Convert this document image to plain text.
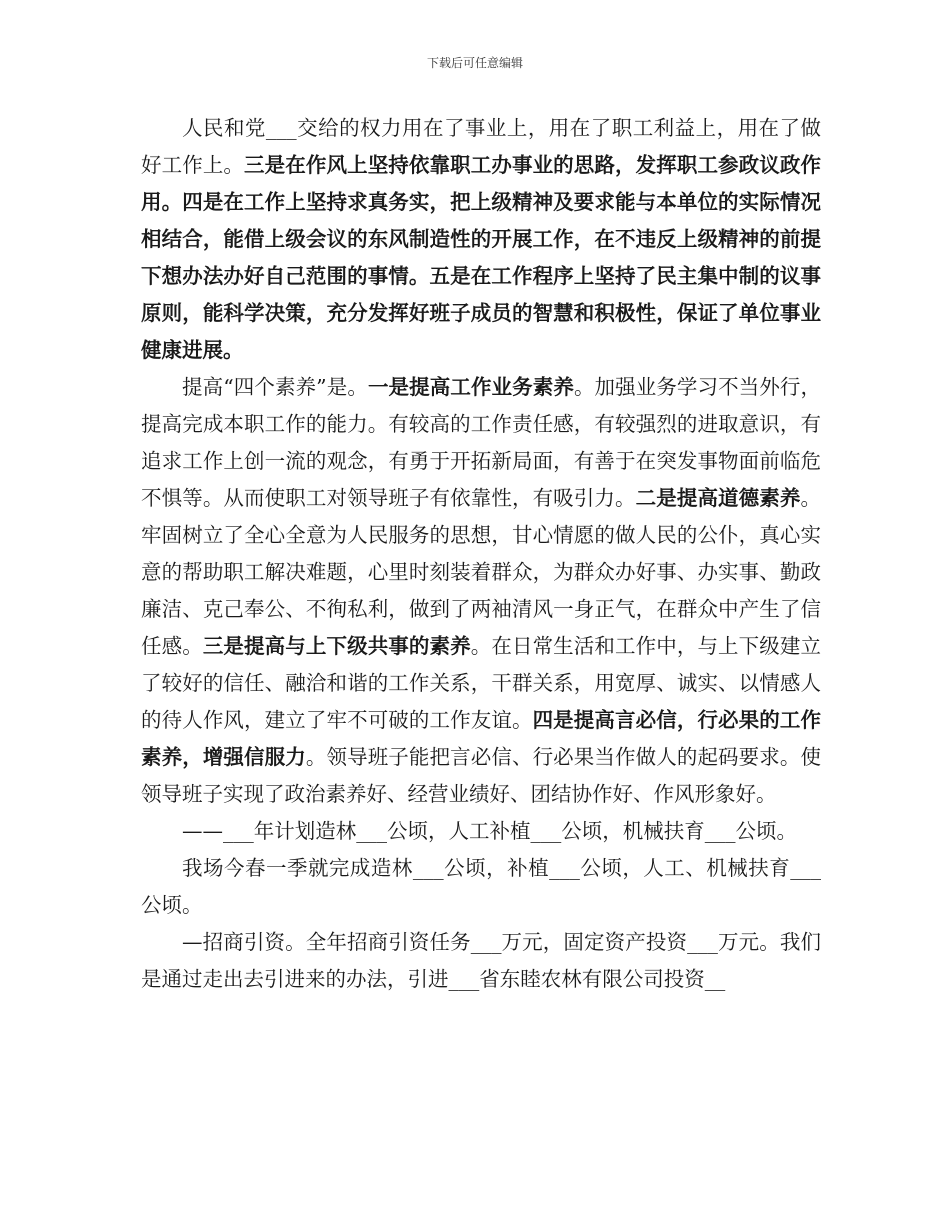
下载后可任意编辑

人民和党___交给的权力用在了事业上，用在了职工利益上，用在了做好工作上。三是在作风上坚持依靠职工办事业的思路，发挥职工参政议政作用。四是在工作上坚持求真务实，把上级精神及要求能与本单位的实际情况相结合，能借上级会议的东风制造性的开展工作，在不违反上级精神的前提下想办法办好自己范围的事情。五是在工作程序上坚持了民主集中制的议事原则，能科学决策，充分发挥好班子成员的智慧和积极性，保证了单位事业健康进展。

提高“四个素养”是。一是提高工作业务素养。加强业务学习不当外行，提高完成本职工作的能力。有较高的工作责任感，有较强烈的进取意识，有追求工作上创一流的观念，有勇于开拓新局面，有善于在突发事物面前临危不惧等。从而使职工对领导班子有依靠性，有吸引力。二是提高道德素养。牢固树立了全心全意为人民服务的思想，甘心情愿的做人民的公仆，真心实意的帮助职工解决难题，心里时刻装着群众，为群众办好事、办实事、勤政廉洁、克己奉公、不徇私利，做到了两袖清风一身正气，在群众中产生了信任感。三是提高与上下级共事的素养。在日常生活和工作中，与上下级建立了较好的信任、融洽和谐的工作关系，干群关系，用宽厚、诚实、以情感人的待人作风，建立了牢不可破的工作友谊。四是提高言必信，行必果的工作素养，增强信服力。领导班子能把言必信、行必果当作做人的起码要求。使领导班子实现了政治素养好、经营业绩好、团结协作好、作风形象好。

——___年计划造林___公顷，人工补植___公顷，机械扶育___公顷。

我场今春一季就完成造林___公顷，补植___公顷，人工、机械扶育___公顷。

—招商引资。全年招商引资任务___万元，固定资产投资___万元。我们是通过走出去引进来的办法，引进___省东睦农林有限公司投资__
